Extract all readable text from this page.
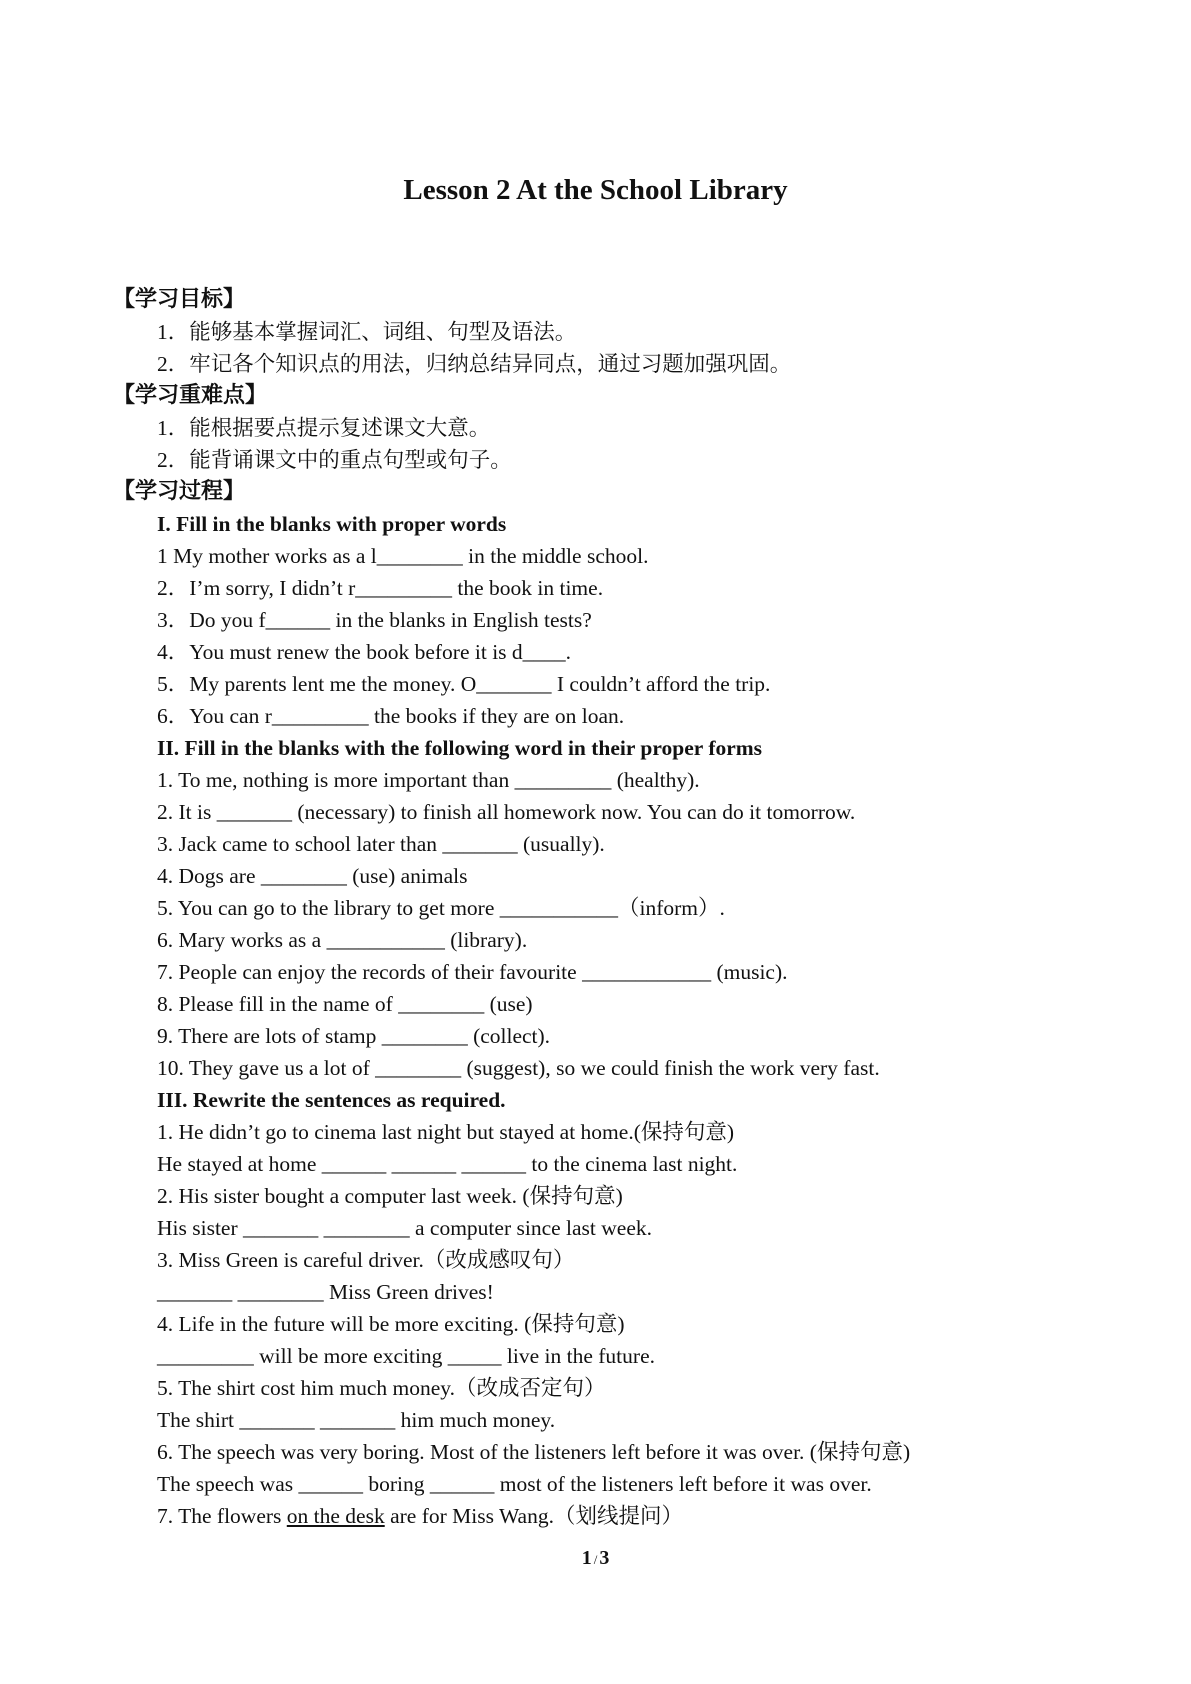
Lesson 2 At the School Library
【学习目标】
1．能够基本掌握词汇、词组、句型及语法。
2．牢记各个知识点的用法，归纳总结异同点，通过习题加强巩固。
【学习重难点】
1．能根据要点提示复述课文大意。
2．能背诵课文中的重点句型或句子。
【学习过程】
I. Fill in the blanks with proper words
1 My mother works as a l________ in the middle school.
2．I’m sorry, I didn’t r_________ the book in time.
3．Do you f______ in the blanks in English tests?
4．You must renew the book before it is d____.
5．My parents lent me the money. O_______ I couldn’t afford the trip.
6．You can r_________ the books if they are on loan.
II. Fill in the blanks with the following word in their proper forms
1. To me, nothing is more important than _________ (healthy).
2. It is _______ (necessary) to finish all homework now. You can do it tomorrow.
3. Jack came to school later than _______ (usually).
4. Dogs are ________ (use) animals
5. You can go to the library to get more ___________（inform）.
6. Mary works as a ___________ (library).
7. People can enjoy the records of their favourite ____________ (music).
8. Please fill in the name of ________ (use)
9. There are lots of stamp ________ (collect).
10. They gave us a lot of ________ (suggest), so we could finish the work very fast.
III. Rewrite the sentences as required.
1. He didn’t go to cinema last night but stayed at home.(保持句意)
He stayed at home ______ ______ ______ to the cinema last night.
2. His sister bought a computer last week. (保持句意)
His sister _______ ________ a computer since last week.
3. Miss Green is careful driver.（改成感叹句）
_______ ________ Miss Green drives!
4. Life in the future will be more exciting. (保持句意)
_________ will be more exciting _____ live in the future.
5. The shirt cost him much money.（改成否定句）
The shirt _______ _______ him much money.
6. The speech was very boring. Most of the listeners left before it was over. (保持句意)
The speech was ______ boring ______ most of the listeners left before it was over.
7. The flowers on the desk are for Miss Wang.（划线提问）
1 / 3
